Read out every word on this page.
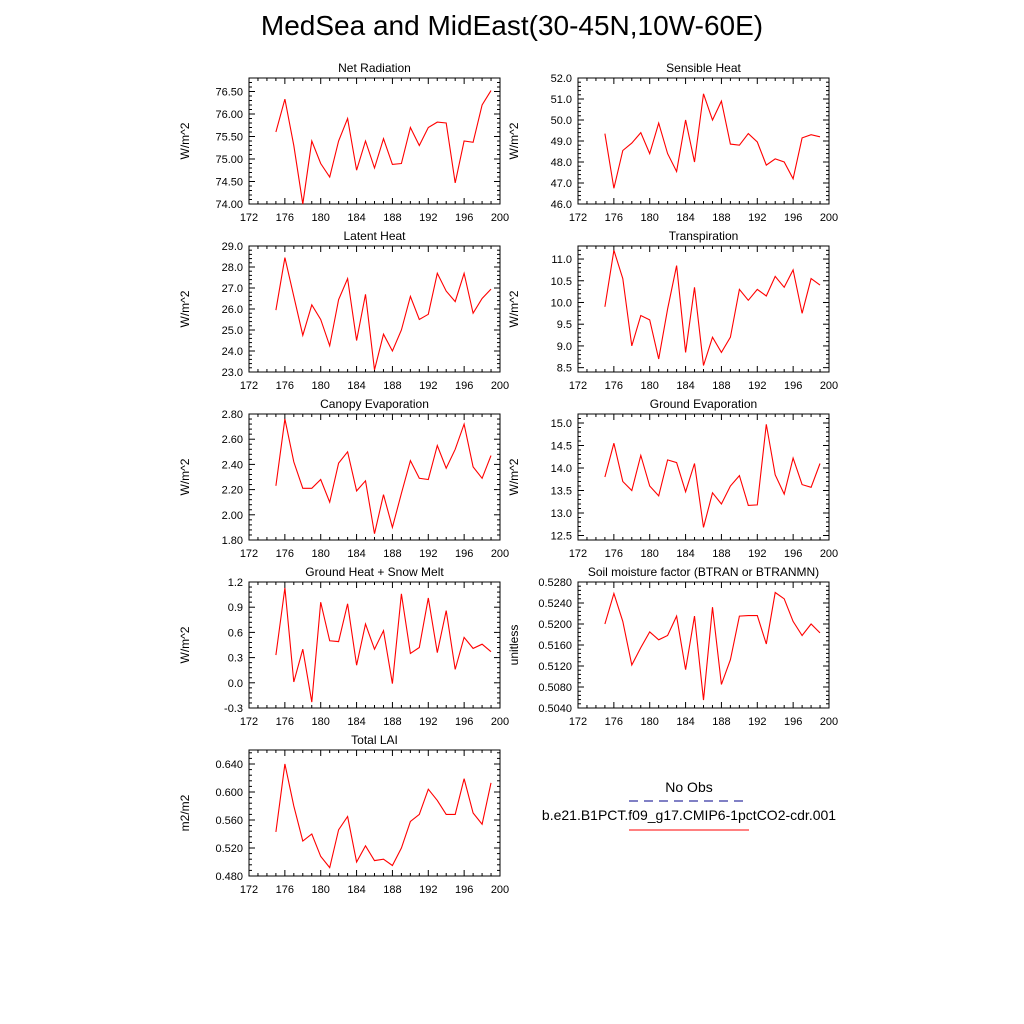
MedSea and MidEast(30-45N,10W-60E)
Net Radiation
W/m^2
172 176 180 184 188 192 196 200
74.00
74.50
75.00
75.50
76.00
76.50
Sensible Heat
W/m^2
172 176 180 184 188 192 196 200
46.0
47.0
48.0
49.0
50.0
51.0
52.0
Latent Heat
W/m^2
172 176 180 184 188 192 196 200
23.0
24.0
25.0
26.0
27.0
28.0
29.0
Transpiration
W/m^2
172 176 180 184 188 192 196 200
8.5
9.0
9.5
10.0
10.5
11.0
Canopy Evaporation
W/m^2
172 176 180 184 188 192 196 200
1.80
2.00
2.20
2.40
2.60
2.80
Ground Evaporation
W/m^2
172 176 180 184 188 192 196 200
12.5
13.0
13.5
14.0
14.5
15.0
Ground Heat + Snow Melt
W/m^2
172 176 180 184 188 192 196 200
-0.3
0.0
0.3
0.6
0.9
1.2
Soil moisture factor (BTRAN or BTRANMN)
unitless
172 176 180 184 188 192 196 200
0.5040
0.5080
0.5120
0.5160
0.5200
0.5240
0.5280
Total LAI
m2/m2
172 176 180 184 188 192 196 200
0.480
0.520
0.560
0.600
0.640
No Obs
b.e21.B1PCT.f09_g17.CMIP6-1pctCO2-cdr.001
